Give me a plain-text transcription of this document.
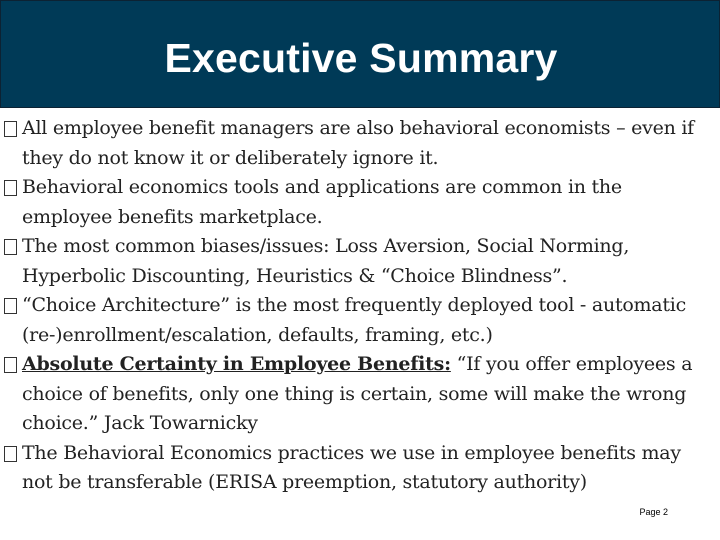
Executive Summary
All employee benefit managers are also behavioral economists – even if they do not know it or deliberately ignore it.
Behavioral economics tools and applications are common in the employee benefits marketplace.
The most common biases/issues: Loss Aversion, Social Norming, Hyperbolic Discounting, Heuristics & “Choice Blindness”.
“Choice Architecture” is the most frequently deployed tool - automatic (re-)enrollment/escalation, defaults, framing, etc.)
Absolute Certainty in Employee Benefits: “If you offer employees a choice of benefits, only one thing is certain, some will make the wrong choice.” Jack Towarnicky
The Behavioral Economics practices we use in employee benefits may not be transferable (ERISA preemption, statutory authority)
Page 2
